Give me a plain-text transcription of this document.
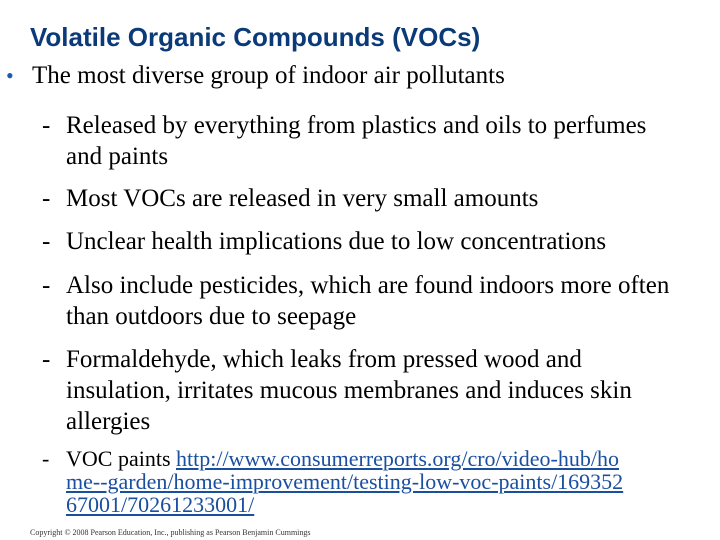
Volatile Organic Compounds (VOCs)
• The most diverse group of indoor air pollutants
- Released by everything from plastics and oils to perfumes and paints
- Most VOCs are released in very small amounts
- Unclear health implications due to low concentrations
- Also include pesticides, which are found indoors more often than outdoors due to seepage
- Formaldehyde, which leaks from pressed wood and insulation, irritates mucous membranes and induces skin allergies
- VOC paints http://www.consumerreports.org/cro/video-hub/home--garden/home-improvement/testing-low-voc-paints/16935267001/70261233001/
Copyright © 2008 Pearson Education, Inc., publishing as Pearson Benjamin Cummings
